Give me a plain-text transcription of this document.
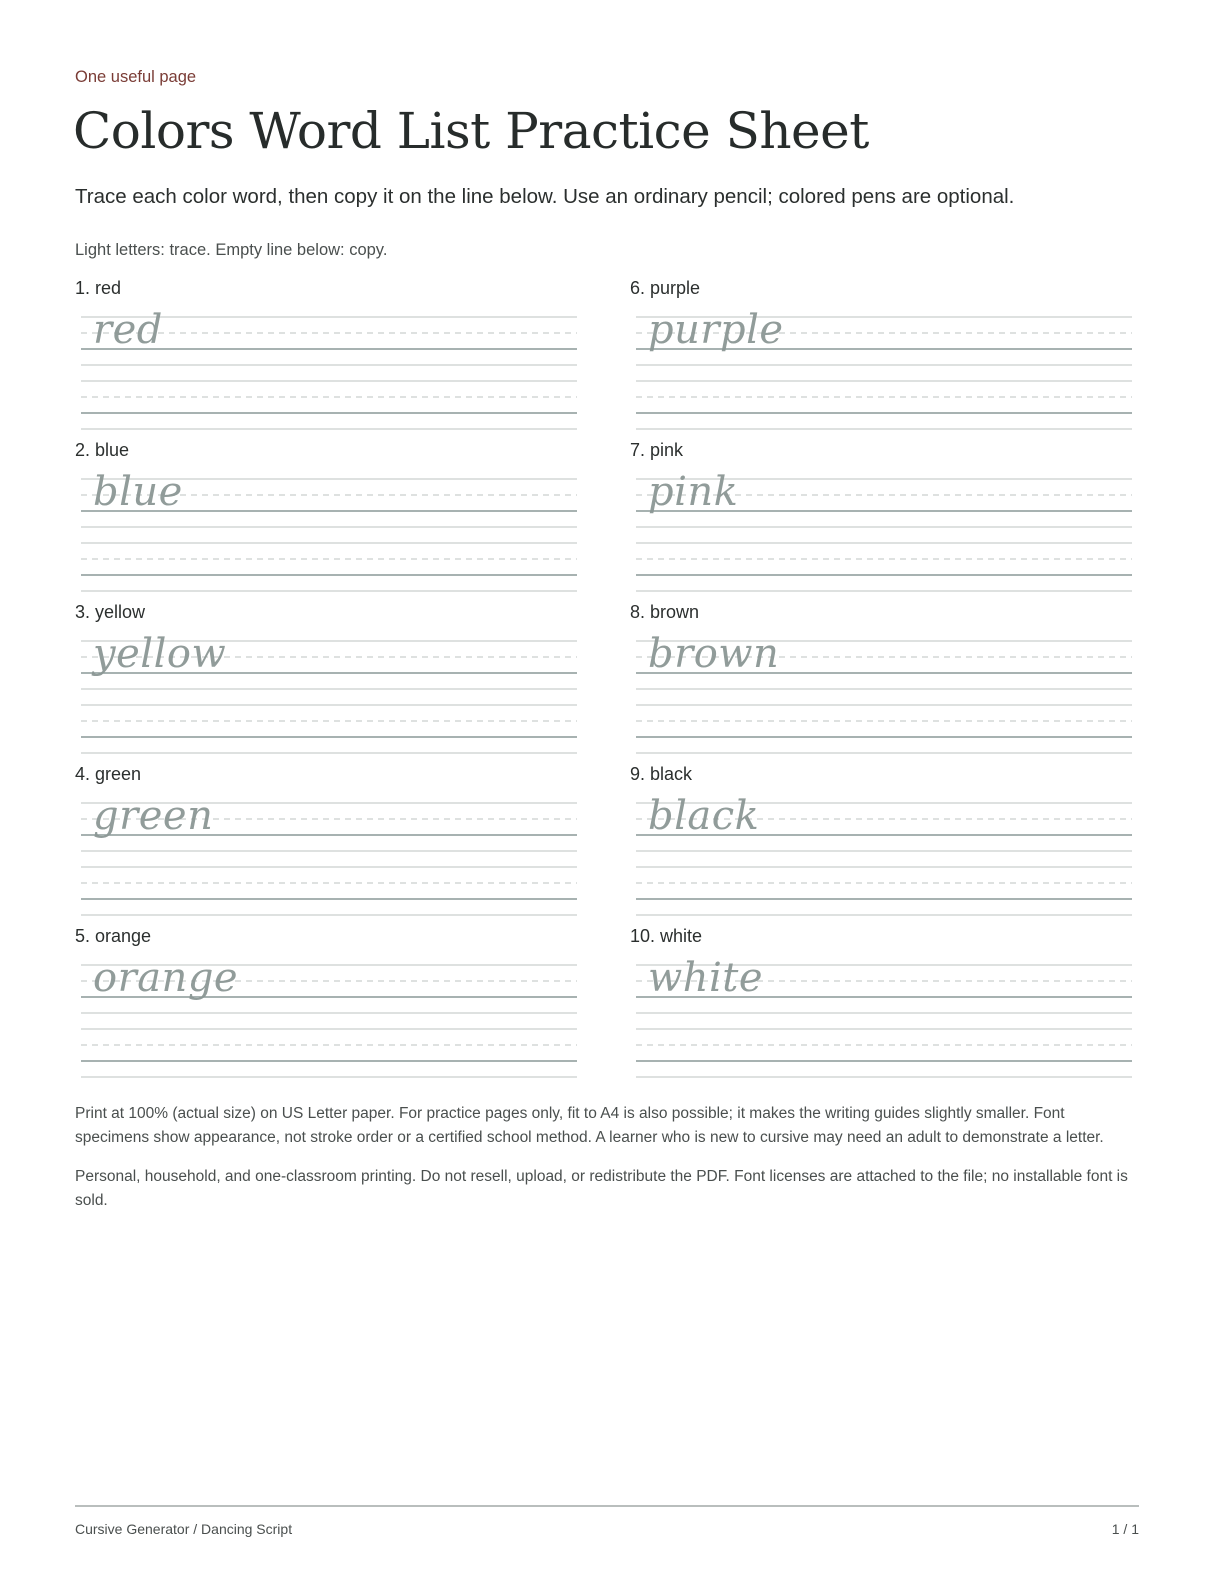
One useful page
Colors Word List Practice Sheet
Trace each color word, then copy it on the line below. Use an ordinary pencil; colored pens are optional.
Light letters: trace. Empty line below: copy.
1. red
red
2. blue
blue
3. yellow
yellow
4. green
green
5. orange
orange
6. purple
purple
7. pink
pink
8. brown
brown
9. black
black
10. white
white

Print at 100% (actual size) on US Letter paper. For practice pages only, fit to A4 is also possible; it makes the writing guides slightly smaller. Font specimens show appearance, not stroke order or a certified school method. A learner who is new to cursive may need an adult to demonstrate a letter.

Personal, household, and one-classroom printing. Do not resell, upload, or redistribute the PDF. Font licenses are attached to the file; no installable font is sold.

Cursive Generator / Dancing Script	1 / 1
